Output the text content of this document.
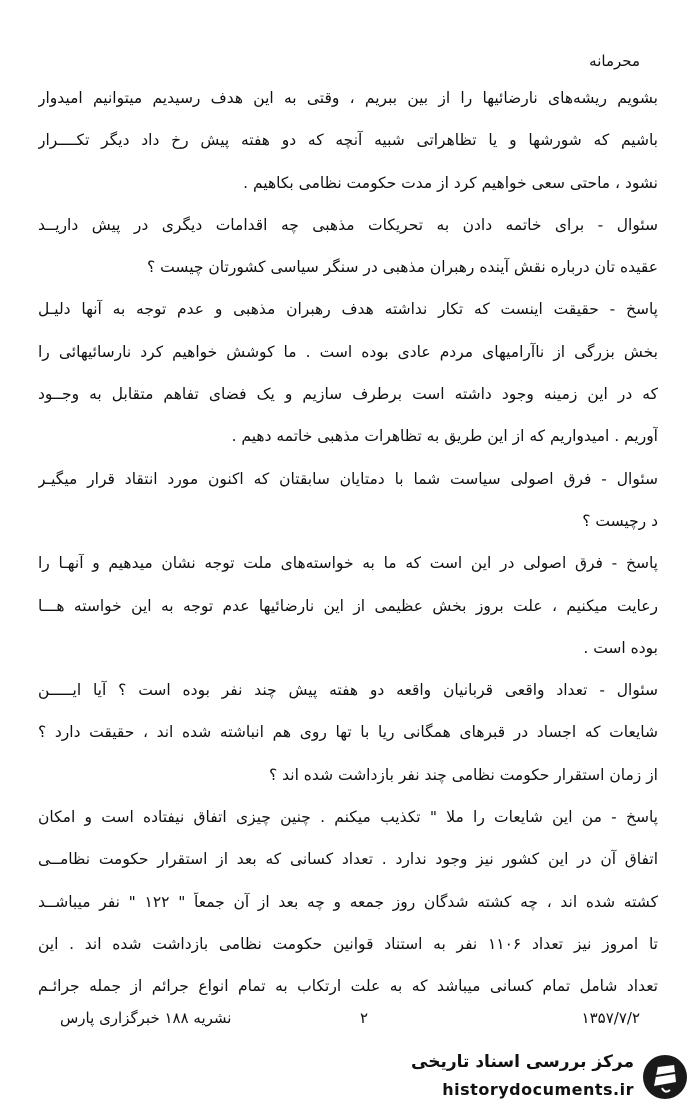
محرمانه
بشویم ریشه‌های نارضائیها را از بین ببریم ، وقتی به این هدف رسیدیم میتوانیم امیدوار
باشیم که شورشها و یا تظاهراتی شبیه آنچه که دو هفته پیش رخ داد دیگر تکــــرار
نشود ، ماحتی سعی خواهیم کرد از مدت حکومت نظامی بکاهیم .
سئوال - برای خاتمه دادن به تحریکات مذهبی چه اقدامات دیگری در پیش داریــد
عقیده تان درباره نقش آینده رهبران مذهبی در سنگر سیاسی کشورتان چیست ؟
پاسخ - حقیقت اینست که تکار نداشته هدف رهبران مذهبی و عدم توجه به آنها دلیـل
بخش بزرگی از ناآرامیهای مردم عادی بوده است . ما کوشش خواهیم کرد نارسائیهائی را
که در این زمینه وجود داشته است برطرف سازیم و یک فضای تفاهم متقابل به وجــود
آوریم . امیدواریم که از این طریق به تظاهرات مذهبی خاتمه دهیم .
سئوال - فرق اصولی سیاست شما با دمتایان سابقتان که اکنون مورد انتقاد قرار میگیـر
د رچیست ؟
پاسخ - فرق اصولی در این است که ما به خواسته‌های ملت توجه نشان میدهیم و آنهـا را
رعایت میکنیم ، علت بروز بخش عظیمی از این نارضائیها عدم توجه به این خواسته هـــا
بوده است .
سئوال - تعداد واقعی قربانیان واقعه دو هفته پیش چند نفر بوده است ؟ آیا ایـــــن
شایعات که اجساد در قبرهای همگانی ریا با تها روی هم انباشته شده اند ، حقیقت دارد ؟
از زمان استقرار حکومت نظامی چند نفر بازداشت شده اند ؟
پاسخ - من این شایعات را ملا " تکذیب میکنم . چنین چیزی اتفاق نیفتاده است و امکان
اتفاق آن در این کشور نیز وجود ندارد . تعداد کسانی که بعد از استقرار حکومت نظامــی
کشته شده اند ، چه کشته شدگان روز جمعه و چه بعد از آن جمعاً " ۱۲۲ " نفر میباشــد
تا امروز نیز تعداد ۱۱۰۶ نفر به استناد قوانین حکومت نظامی بازداشت شده اند . این
تعداد شامل تمام کسانی میباشد که به علت ارتکاب به تمام انواع جرائم از جمله جرائـم
۱۳۵۷/۷/۲
۲
نشریه ۱۸۸ خبرگزاری پارس
مرکز بررسی اسناد تاریخی
historydocuments.ir
